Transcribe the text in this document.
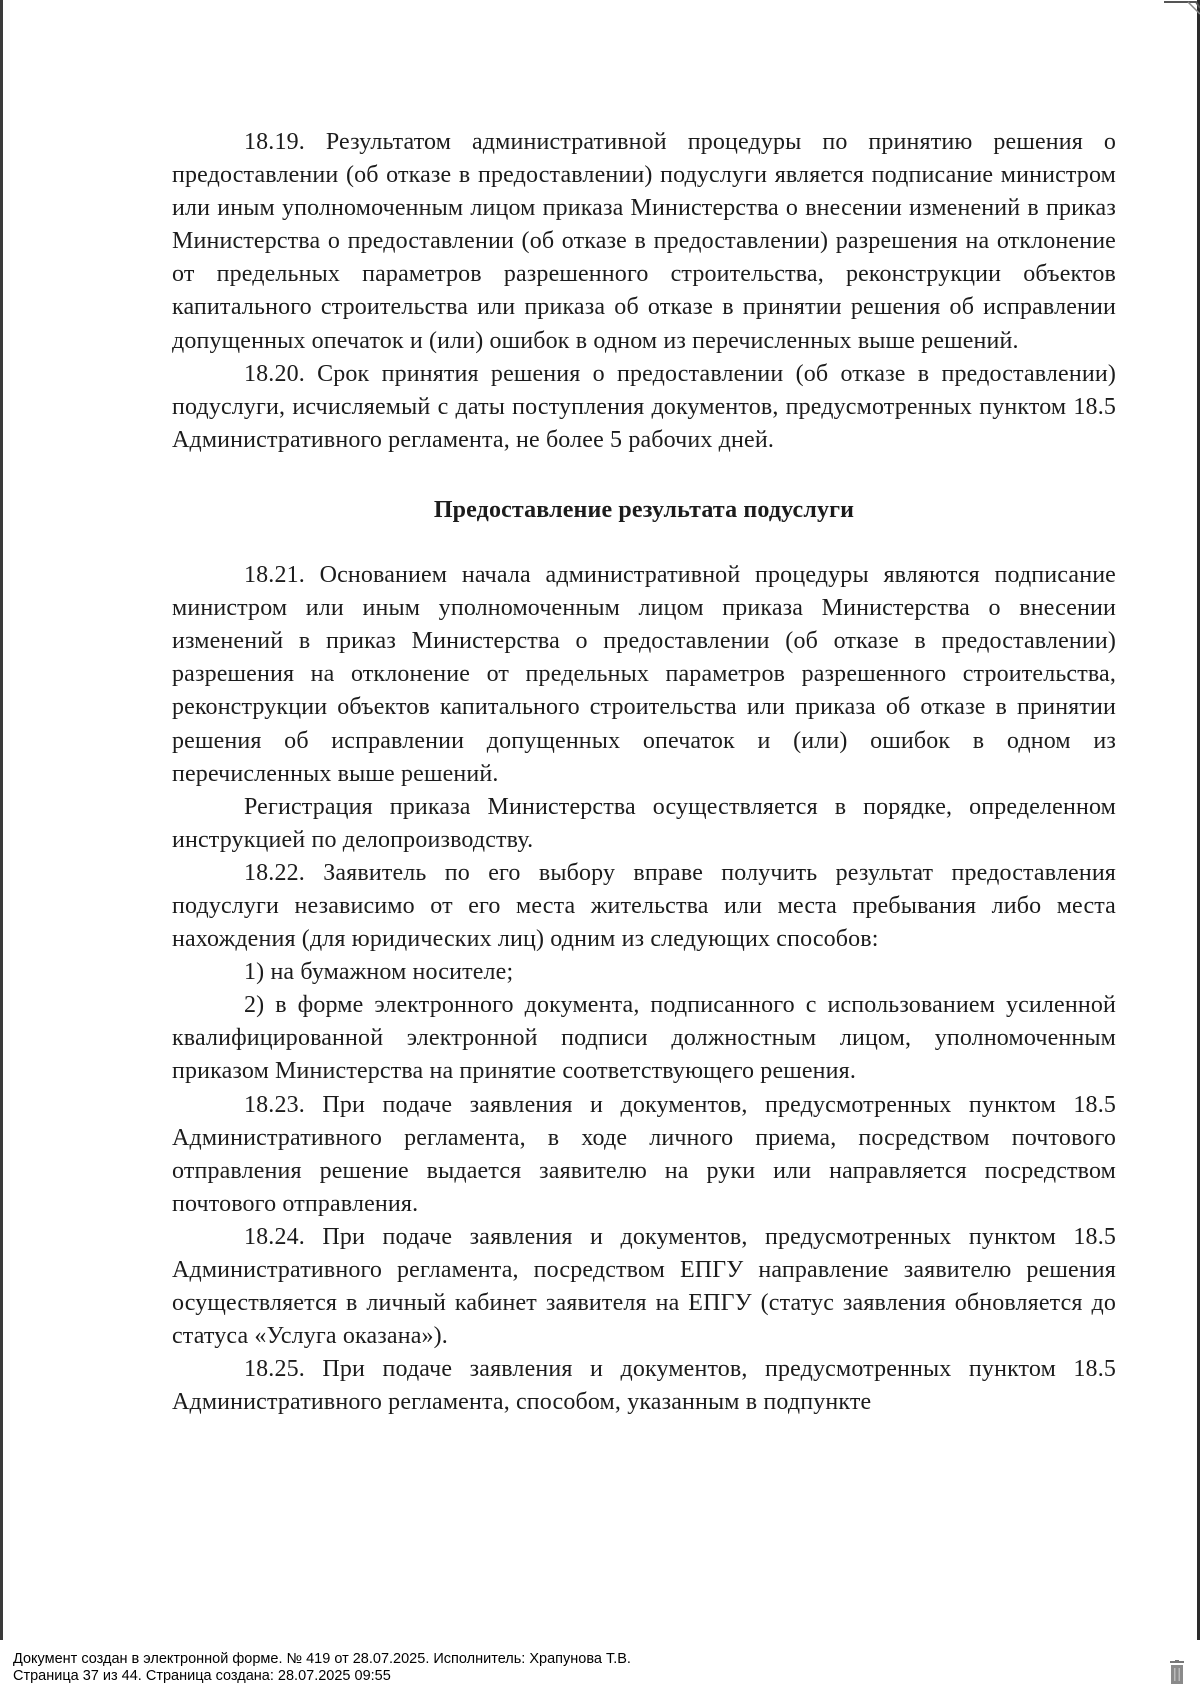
18.19. Результатом административной процедуры по принятию решения о предоставлении (об отказе в предоставлении) подуслуги является подписание министром или иным уполномоченным лицом приказа Министерства о внесении изменений в приказ Министерства о предоставлении (об отказе в предоставлении) разрешения на отклонение от предельных параметров разрешенного строительства, реконструкции объектов капитального строительства или приказа об отказе в принятии решения об исправлении допущенных опечаток и (или) ошибок в одном из перечисленных выше решений.

18.20. Срок принятия решения о предоставлении (об отказе в предоставлении) подуслуги, исчисляемый с даты поступления документов, предусмотренных пунктом 18.5 Административного регламента, не более 5 рабочих дней.

Предоставление результата подуслуги

18.21. Основанием начала административной процедуры являются подписание министром или иным уполномоченным лицом приказа Министерства о внесении изменений в приказ Министерства о предоставлении (об отказе в предоставлении) разрешения на отклонение от предельных параметров разрешенного строительства, реконструкции объектов капитального строительства или приказа об отказе в принятии решения об исправлении допущенных опечаток и (или) ошибок в одном из перечисленных выше решений.

Регистрация приказа Министерства осуществляется в порядке, определенном инструкцией по делопроизводству.

18.22. Заявитель по его выбору вправе получить результат предоставления подуслуги независимо от его места жительства или места пребывания либо места нахождения (для юридических лиц) одним из следующих способов:

1) на бумажном носителе;

2) в форме электронного документа, подписанного с использованием усиленной квалифицированной электронной подписи должностным лицом, уполномоченным приказом Министерства на принятие соответствующего решения.

18.23. При подаче заявления и документов, предусмотренных пунктом 18.5 Административного регламента, в ходе личного приема, посредством почтового отправления решение выдается заявителю на руки или направляется посредством почтового отправления.

18.24. При подаче заявления и документов, предусмотренных пунктом 18.5 Административного регламента, посредством ЕПГУ направление заявителю решения осуществляется в личный кабинет заявителя на ЕПГУ (статус заявления обновляется до статуса «Услуга оказана»).

18.25. При подаче заявления и документов, предусмотренных пунктом 18.5 Административного регламента, способом, указанным в подпункте

Документ создан в электронной форме. № 419 от 28.07.2025. Исполнитель: Храпунова Т.В.
Страница 37 из 44. Страница создана: 28.07.2025 09:55
